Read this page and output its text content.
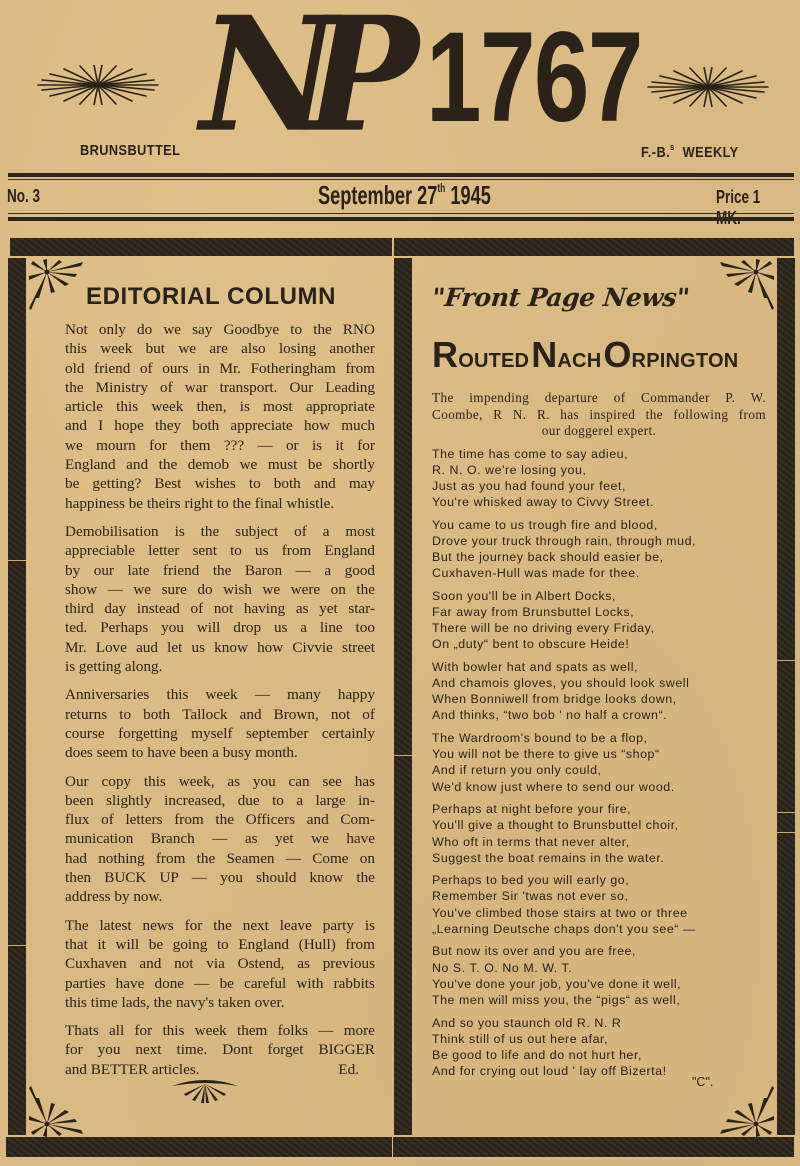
N
P 1767
BRUNSBUTTEL	F.-B.$^s$ WEEKLY
No. 3	September 27th 1945	Price 1
EDITORIAL COLUMN
Not only do we say Goodbye to the RNO
this week but we are also losing another
old friend of ours in Mr. Fotheringham from
the Ministry of war transport. Our Leading
article this week then, is most appropriate
and I hope they both appreciate how much
we mourn for them ??? — or is it for
England and the demob we must be shortly
be getting? Best wishes to both and may
happiness be theirs right to the final whistle.
Demobilisation is the subject of a most
appreciable letter sent to us from England
by our late friend the Baron — a good
show — we sure do wish we were on the
third day instead of not having as yet star-
ted. Perhaps you will drop us a line too
Mr. Love aud let us know how Civvie street
is getting along.
Anniversaries this week — many happy
returns to both Tallock and Brown, not of
course forgetting myself september certainly
does seem to have been a busy month.
Our copy this week, as you can see has
been slightly increased, due to a large in-
flux of letters from the Officers and Com-
munication Branch — as yet we have
had nothing from the Seamen — Come on
then BUCK UP — you should know the
address by now.
The latest news for the next leave party is
that it will be going to England (Hull) from
Cuxhaven and not via Ostend, as previous
parties have done — be careful with rabbits
this time lads, the navy's taken over.
Thats all for this week them folks — more
for you next time. Dont forget BIGGER
and BETTER articles.	Ed.
"Front Page News"
ROUTEDNACHORPINGTON
The impending departure of Commander P. W.
Coombe, R N. R. has inspired the following from
our doggerel expert.
The time has come to say adieu,
R. N. O. we're losing you,
Just as you had found your feet,
You're whisked away to Civvy Street.
You came to us trough fire and blood,
Drove your truck through rain, through mud,
But the journey back should easier be,
Cuxhaven-Hull was made for thee.
Soon you'll be in Albert Docks,
Far away from Brunsbuttel Locks,
There will be no driving every Friday,
On „duty“ bent to obscure Heide!
With bowler hat and spats as well,
And chamois gloves, you should look swell
When Bonniwell from bridge looks down,
And thinks, “two bob ' no half a crown“.
The Wardroom's bound to be a flop,
You will not be there to give us “shop“
And if return you only could,
We'd know just where to send our wood.
Perhaps at night before your fire,
You'll give a thought to Brunsbuttel choir,
Who oft in terms that never alter,
Suggest the boat remains in the water.
Perhaps to bed you will early go,
Remember Sir 'twas not ever so,
You've climbed those stairs at two or three
„Learning Deutsche chaps don't you see“ —
But now its over and you are free,
No S. T. O. No M. W. T.
You've done your job, you've done it well,
The men will miss you, the “pigs“ as well,
And so you staunch old R. N. R
Think still of us out here afar,
Be good to life and do not hurt her,
And for crying out loud ' lay off Bizerta!
"C".
